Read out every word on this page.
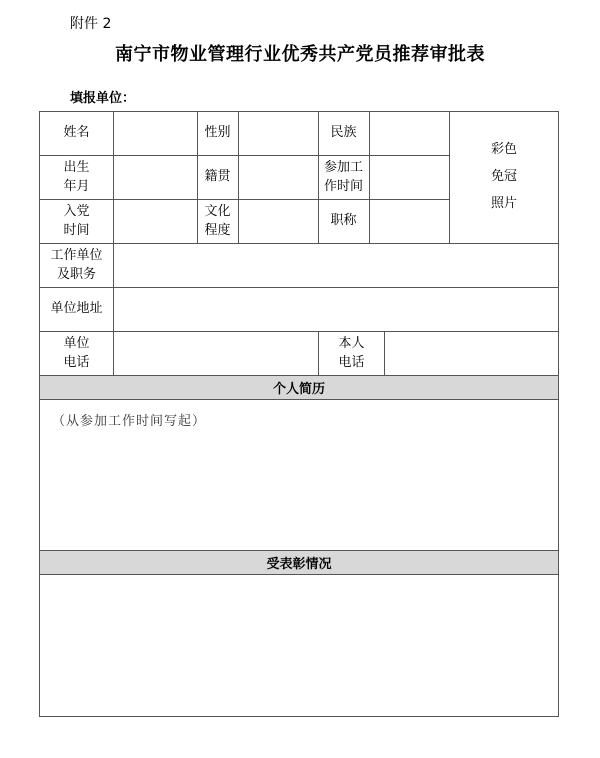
附件 2
南宁市物业管理行业优秀共产党员推荐审批表
填报单位：
个人简历
受表彰情况
姓名	性别	民族
彩色
免冠
照片
出生
年月
籍贯
参加工
作时间
入党
时间
文化
程度
职称
工作单位
及职务
单位地址
单位
电话
本人
电话
（从参加工作时间写起）
